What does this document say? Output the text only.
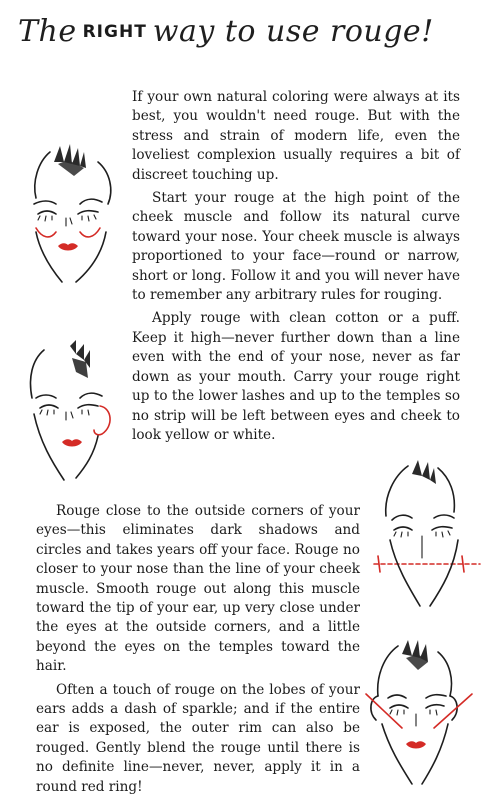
The RIGHT way to use rouge!

If your own natural coloring were always at its best, you wouldn't need rouge. But with the stress and strain of modern life, even the loveliest complexion usually requires a bit of discreet touching up.

Start your rouge at the high point of the cheek muscle and follow its natural curve toward your nose. Your cheek muscle is always proportioned to your face—round or narrow, short or long. Follow it and you will never have to remember any arbitrary rules for rouging.

Apply rouge with clean cotton or a puff. Keep it high—never further down than a line even with the end of your nose, never as far down as your mouth. Carry your rouge right up to the lower lashes and up to the temples so no strip will be left between eyes and cheek to look yellow or white.

Rouge close to the outside corners of your eyes—this eliminates dark shadows and circles and takes years off your face. Rouge no closer to your nose than the line of your cheek muscle. Smooth rouge out along this muscle toward the tip of your ear, up very close under the eyes at the outside corners, and a little beyond the eyes on the temples toward the hair.

Often a touch of rouge on the lobes of your ears adds a dash of sparkle; and if the entire ear is exposed, the outer rim can also be rouged. Gently blend the rouge until there is no definite line—never, never, apply it in a round red ring!
